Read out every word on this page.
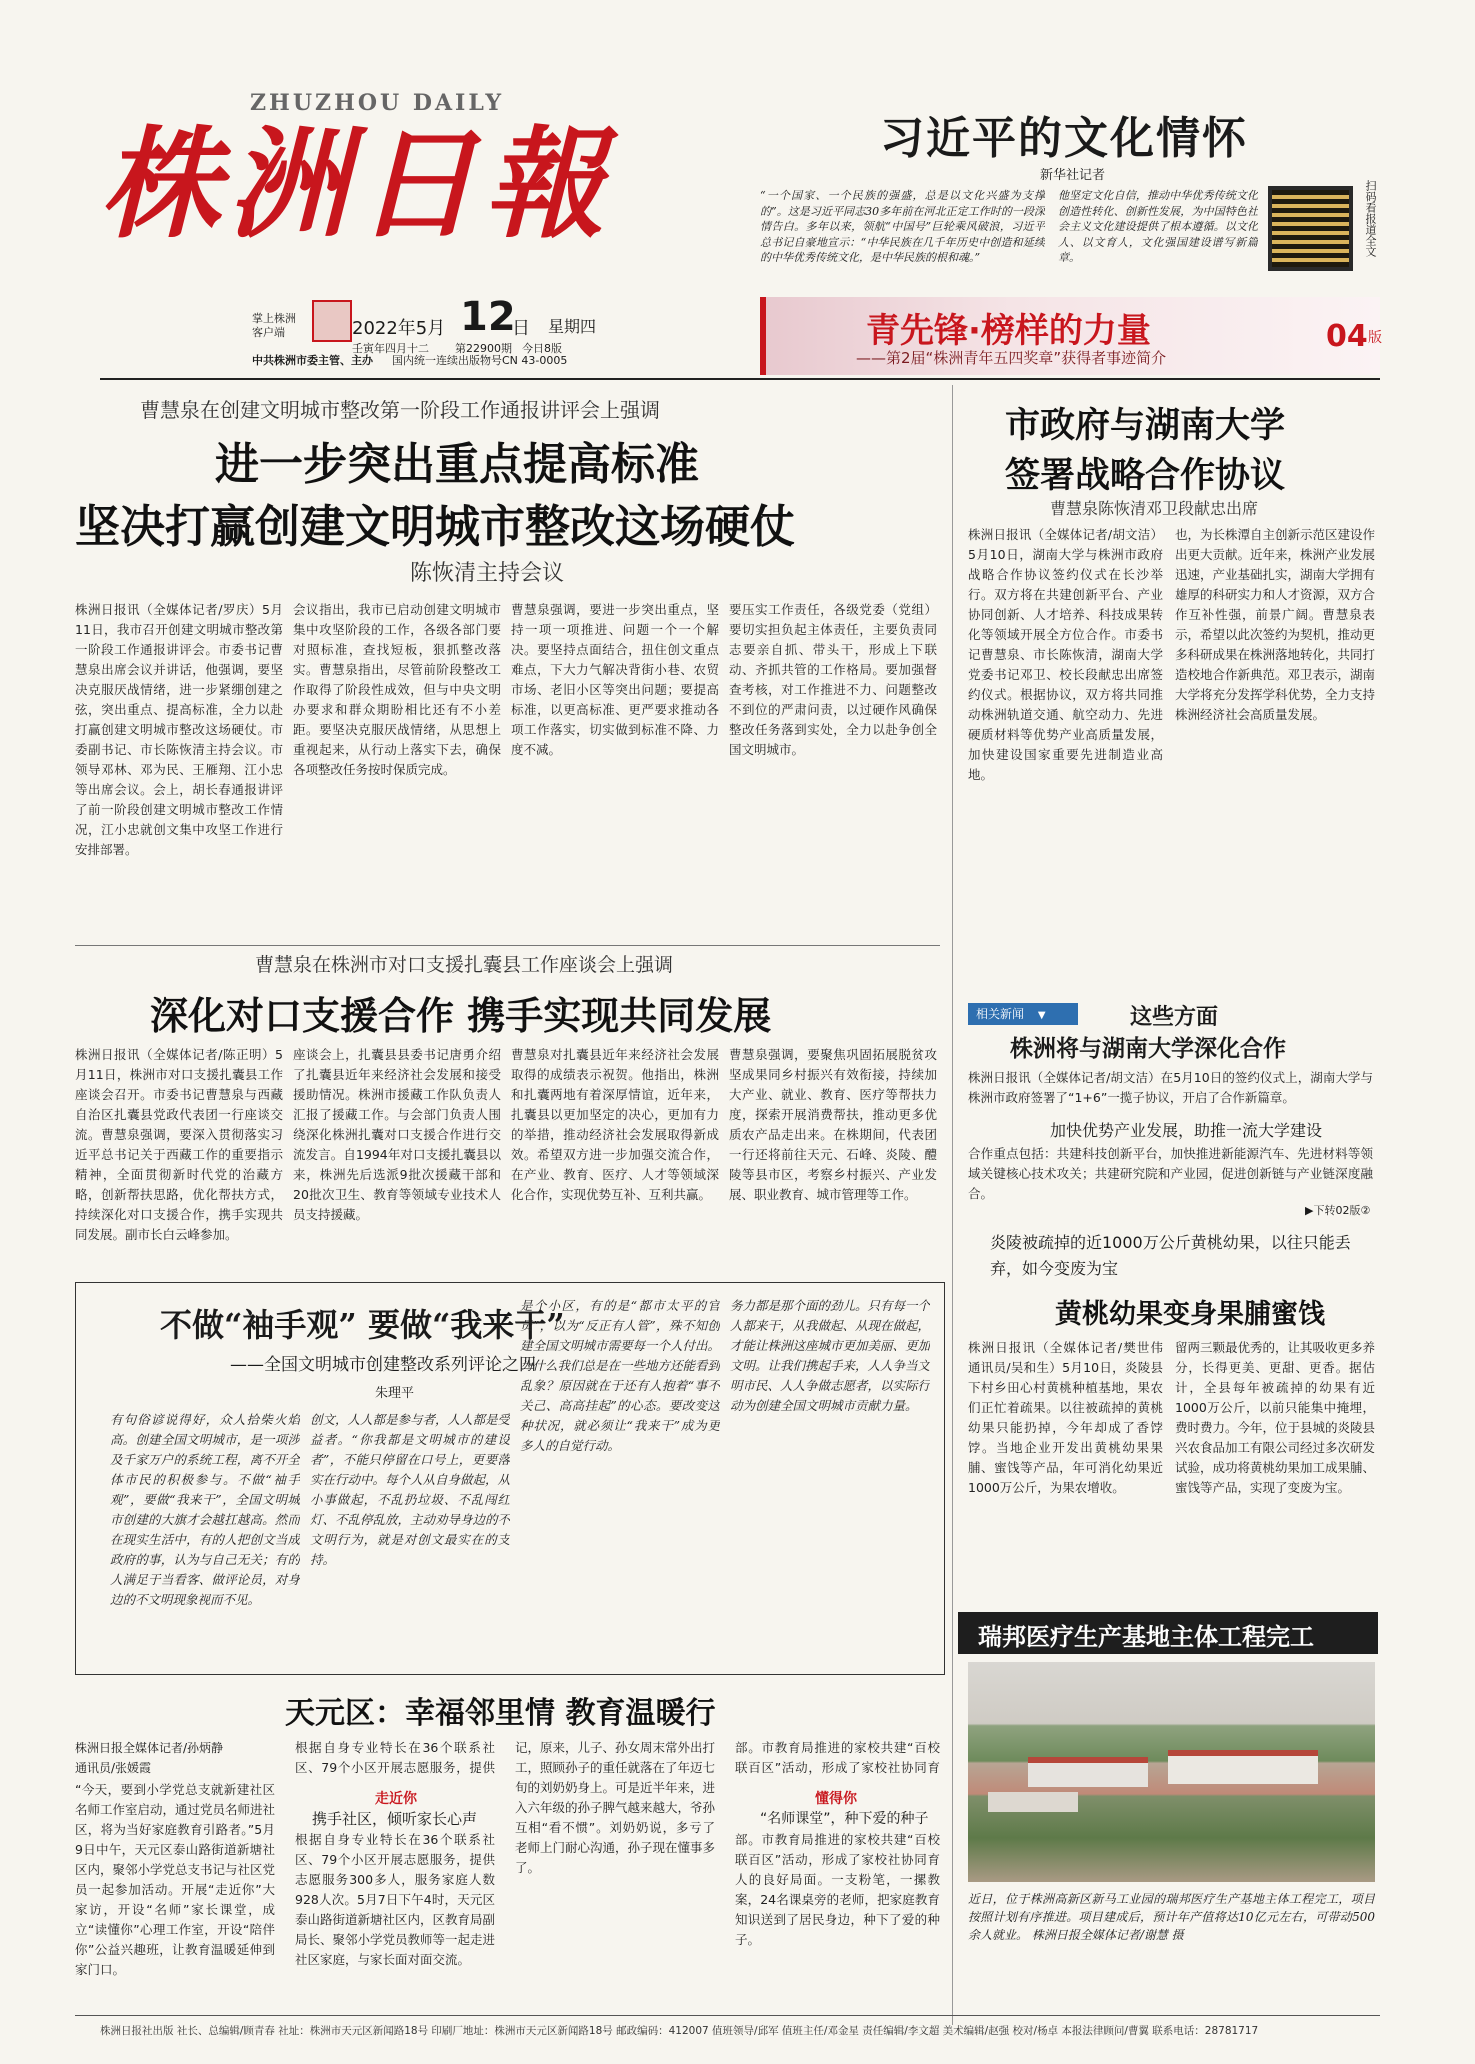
ZHUZHOU DAILY
株洲日報
掌上株洲
客户端	2022年5月 12
日 星期四
壬寅年四月十二 第22900期 今日8版
中共株洲市委主管、主办 国内统一连续出版物号CN 43-0005
习近平的文化情怀
新华社记者
“一个国家、一个民族的强盛，总是以文化兴盛为支撑的”。这是习近平同志30多年前在河北正定工作时的一段深情告白。多年以来，领航“中国号”巨轮乘风破浪，习近平总书记自豪地宣示：“中华民族在几千年历史中创造和延续的中华优秀传统文化，是中华民族的根和魂。”
他坚定文化自信，推动中华优秀传统文化创造性转化、创新性发展，为中国特色社会主义文化建设提供了根本遵循。以文化人、以文育人，文化强国建设谱写新篇章。
扫码看报道全文
青先锋·榜样的力量
——第2届“株洲青年五四奖章”获得者事迹简介
04 版
曹慧泉在创建文明城市整改第一阶段工作通报讲评会上强调
进一步突出重点提高标准
坚决打赢创建文明城市整改这场硬仗
陈恢清主持会议
株洲日报讯（全媒体记者/罗庆）5月11日，我市召开创建文明城市整改第一阶段工作通报讲评会。市委书记曹慧泉出席会议并讲话，他强调，要坚决克服厌战情绪，进一步紧绷创建之弦，突出重点、提高标准，全力以赴打赢创建文明城市整改这场硬仗。市委副书记、市长陈恢清主持会议。市领导邓林、邓为民、王雁翔、江小忠等出席会议。会上，胡长春通报讲评了前一阶段创建文明城市整改工作情况，江小忠就创文集中攻坚工作进行安排部署。
会议指出，我市已启动创建文明城市集中攻坚阶段的工作，各级各部门要对照标准，查找短板，狠抓整改落实。曹慧泉指出，尽管前阶段整改工作取得了阶段性成效，但与中央文明办要求和群众期盼相比还有不小差距。要坚决克服厌战情绪，从思想上重视起来，从行动上落实下去，确保各项整改任务按时保质完成。
曹慧泉强调，要进一步突出重点，坚持一项一项推进、问题一个一个解决。要坚持点面结合，扭住创文重点难点，下大力气解决背街小巷、农贸市场、老旧小区等突出问题；要提高标准，以更高标准、更严要求推动各项工作落实，切实做到标准不降、力度不减。
要压实工作责任，各级党委（党组）要切实担负起主体责任，主要负责同志要亲自抓、带头干，形成上下联动、齐抓共管的工作格局。要加强督查考核，对工作推进不力、问题整改不到位的严肃问责，以过硬作风确保整改任务落到实处，全力以赴争创全国文明城市。
曹慧泉在株洲市对口支援扎囊县工作座谈会上强调
深化对口支援合作 携手实现共同发展
株洲日报讯（全媒体记者/陈正明）5月11日，株洲市对口支援扎囊县工作座谈会召开。市委书记曹慧泉与西藏自治区扎囊县党政代表团一行座谈交流。曹慧泉强调，要深入贯彻落实习近平总书记关于西藏工作的重要指示精神，全面贯彻新时代党的治藏方略，创新帮扶思路，优化帮扶方式，持续深化对口支援合作，携手实现共同发展。副市长白云峰参加。
座谈会上，扎囊县县委书记唐勇介绍了扎囊县近年来经济社会发展和接受援助情况。株洲市援藏工作队负责人汇报了援藏工作。与会部门负责人围绕深化株洲扎囊对口支援合作进行交流发言。自1994年对口支援扎囊县以来，株洲先后选派9批次援藏干部和20批次卫生、教育等领域专业技术人员支持援藏。
曹慧泉对扎囊县近年来经济社会发展取得的成绩表示祝贺。他指出，株洲和扎囊两地有着深厚情谊，近年来，扎囊县以更加坚定的决心，更加有力的举措，推动经济社会发展取得新成效。希望双方进一步加强交流合作，在产业、教育、医疗、人才等领域深化合作，实现优势互补、互利共赢。
曹慧泉强调，要聚焦巩固拓展脱贫攻坚成果同乡村振兴有效衔接，持续加大产业、就业、教育、医疗等帮扶力度，探索开展消费帮扶，推动更多优质农产品走出来。在株期间，代表团一行还将前往天元、石峰、炎陵、醴陵等县市区，考察乡村振兴、产业发展、职业教育、城市管理等工作。
不做“袖手观” 要做“我来干”
——全国文明城市创建整改系列评论之四
朱理平
有句俗谚说得好，众人拾柴火焰高。创建全国文明城市，是一项涉及千家万户的系统工程，离不开全体市民的积极参与。不做“袖手观”，要做“我来干”，全国文明城市创建的大旗才会越扛越高。然而在现实生活中，有的人把创文当成政府的事，认为与自己无关；有的人满足于当看客、做评论员，对身边的不文明现象视而不见。
创文，人人都是参与者，人人都是受益者。“你我都是文明城市的建设者”，不能只停留在口号上，更要落实在行动中。每个人从自身做起，从小事做起，不乱扔垃圾、不乱闯红灯、不乱停乱放，主动劝导身边的不文明行为，就是对创文最实在的支持。
是个小区，有的是“都市太平的官员”，以为“反正有人管”，殊不知创建全国文明城市需要每一个人付出。为什么我们总是在一些地方还能看到乱象？原因就在于还有人抱着“事不关己、高高挂起”的心态。要改变这种状况，就必须让“我来干”成为更多人的自觉行动。
务力都是那个面的劲儿。只有每一个人都来干，从我做起、从现在做起，才能让株洲这座城市更加美丽、更加文明。让我们携起手来，人人争当文明市民、人人争做志愿者，以实际行动为创建全国文明城市贡献力量。
天元区：幸福邻里情 教育温暖行
株洲日报全媒体记者/孙炳静
通讯员/张媛霞
“今天，要到小学党总支就新建社区名师工作室启动，通过党员名师进社区，将为当好家庭教育引路者。”5月9日中午，天元区泰山路街道新塘社区内，聚邻小学党总支书记与社区党员一起参加活动。开展“走近你”大家访，开设“名师”家长课堂，成立“读懂你”心理工作室，开设“陪伴你”公益兴趣班，让教育温暖延伸到家门口。
根据自身专业特长在36个联系社区、79个小区开展志愿服务，提供
走近你
携手社区，倾听家长心声
根据自身专业特长在36个联系社区、79个小区开展志愿服务，提供志愿服务300多人，服务家庭人数928人次。5月7日下午4时，天元区泰山路街道新塘社区内，区教育局副局长、聚邻小学党员教师等一起走进社区家庭，与家长面对面交流。
记，原来，儿子、孙女周末常外出打工，照顾孙子的重任就落在了年迈七旬的刘奶奶身上。可是近半年来，进入六年级的孙子脾气越来越大，爷孙互相“看不惯”。刘奶奶说，多亏了老师上门耐心沟通，孙子现在懂事多了。
部。市教育局推进的家校共建“百校联百区”活动，形成了家校社协同育
懂得你
“名师课堂”，种下爱的种子
部。市教育局推进的家校共建“百校联百区”活动，形成了家校社协同育人的良好局面。一支粉笔，一摞教案，24名课桌旁的老师，把家庭教育知识送到了居民身边，种下了爱的种子。
市政府与湖南大学
签署战略合作协议
曹慧泉陈恢清邓卫段献忠出席
株洲日报讯（全媒体记者/胡文洁）5月10日，湖南大学与株洲市政府战略合作协议签约仪式在长沙举行。双方将在共建创新平台、产业协同创新、人才培养、科技成果转化等领域开展全方位合作。市委书记曹慧泉、市长陈恢清，湖南大学党委书记邓卫、校长段献忠出席签约仪式。根据协议，双方将共同推动株洲轨道交通、航空动力、先进硬质材料等优势产业高质量发展，加快建设国家重要先进制造业高地。
也，为长株潭自主创新示范区建设作出更大贡献。近年来，株洲产业发展迅速，产业基础扎实，湖南大学拥有雄厚的科研实力和人才资源，双方合作互补性强，前景广阔。曹慧泉表示，希望以此次签约为契机，推动更多科研成果在株洲落地转化，共同打造校地合作新典范。邓卫表示，湖南大学将充分发挥学科优势，全力支持株洲经济社会高质量发展。
相关新闻 ▼	这些方面
株洲将与湖南大学深化合作
株洲日报讯（全媒体记者/胡文洁）在5月10日的签约仪式上，湖南大学与株洲市政府签署了“1+6”一揽子协议，开启了合作新篇章。
加快优势产业发展，助推一流大学建设
合作重点包括：共建科技创新平台，加快推进新能源汽车、先进材料等领域关键核心技术攻关；共建研究院和产业园，促进创新链与产业链深度融合。
▶下转02版②
炎陵被疏掉的近1000万公斤黄桃幼果，以往只能丢弃，如今变废为宝
黄桃幼果变身果脯蜜饯
株洲日报讯（全媒体记者/樊世伟 通讯员/吴和生）5月10日，炎陵县下村乡田心村黄桃种植基地，果农们正忙着疏果。以往被疏掉的黄桃幼果只能扔掉，今年却成了香饽饽。当地企业开发出黄桃幼果果脯、蜜饯等产品，年可消化幼果近1000万公斤，为果农增收。
留两三颗最优秀的，让其吸收更多养分，长得更美、更甜、更香。据估计，全县每年被疏掉的幼果有近1000万公斤，以前只能集中掩埋，费时费力。今年，位于县城的炎陵县兴农食品加工有限公司经过多次研发试验，成功将黄桃幼果加工成果脯、蜜饯等产品，实现了变废为宝。
瑞邦医疗生产基地主体工程完工
近日，位于株洲高新区新马工业园的瑞邦医疗生产基地主体工程完工，项目按照计划有序推进。项目建成后，预计年产值将达10亿元左右，可带动500余人就业。 株洲日报全媒体记者/谢慧 摄
株洲日报社出版 社长、总编辑/顾青春 社址：株洲市天元区新闻路18号 印刷厂地址：株洲市天元区新闻路18号 邮政编码：412007 值班领导/邱军 值班主任/邓金星 责任编辑/李文超 美术编辑/赵强 校对/杨卓 本报法律顾问/曹翼 联系电话：28781717
